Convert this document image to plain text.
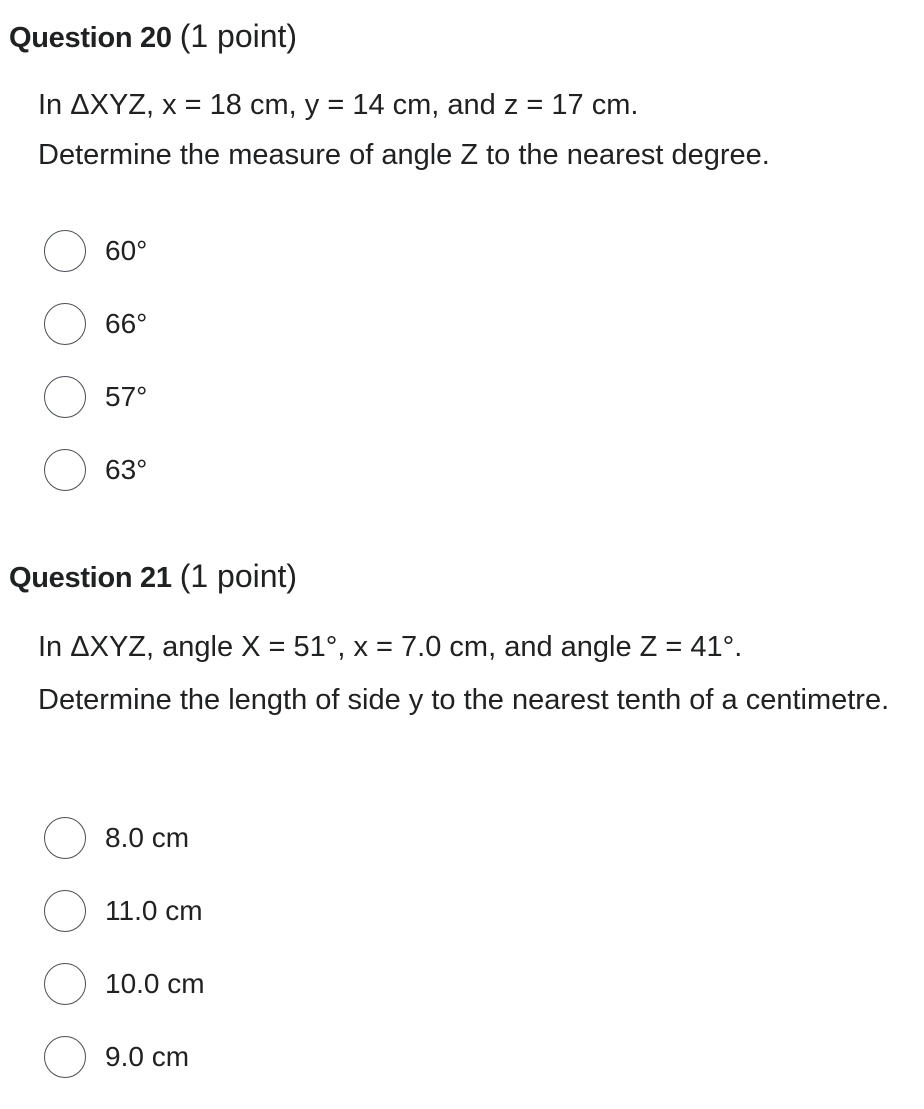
Question 20 (1 point)

In ΔXYZ, x = 18 cm, y = 14 cm, and z = 17 cm.

Determine the measure of angle Z to the nearest degree.

60°
66°
57°
63°
Question 21 (1 point)

In ΔXYZ, angle X = 51°, x = 7.0 cm, and angle Z = 41°.

Determine the length of side y to the nearest tenth of a centimetre.

8.0 cm
11.0 cm
10.0 cm
9.0 cm
